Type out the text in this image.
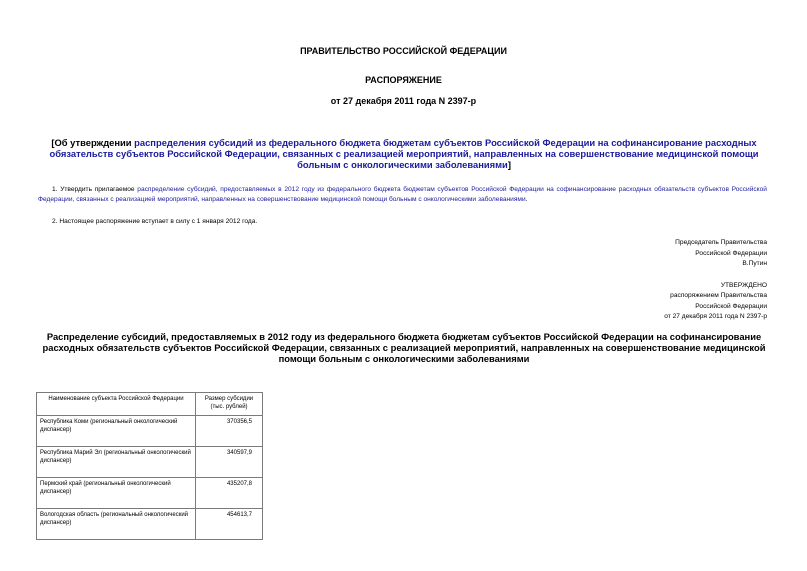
ПРАВИТЕЛЬСТВО РОССИЙСКОЙ ФЕДЕРАЦИИ
РАСПОРЯЖЕНИЕ
от 27 декабря 2011 года N 2397-р
[Об утверждении распределения субсидий из федерального бюджета бюджетам субъектов Российской Федерации на софинансирование расходных обязательств субъектов Российской Федерации, связанных с реализацией мероприятий, направленных на совершенствование медицинской помощи больным с онкологическими заболеваниями]
1. Утвердить прилагаемое распределение субсидий, предоставляемых в 2012 году из федерального бюджета бюджетам субъектов Российской Федерации на софинансирование расходных обязательств субъектов Российской Федерации, связанных с реализацией мероприятий, направленных на совершенствование медицинской помощи больным с онкологическими заболеваниями.
2. Настоящее распоряжение вступает в силу с 1 января 2012 года.
Председатель Правительства
Российской Федерации
В.Путин
УТВЕРЖДЕНО
распоряжением Правительства
Российской Федерации
от 27 декабря 2011 года N 2397-р
Распределение субсидий, предоставляемых в 2012 году из федерального бюджета бюджетам субъектов Российской Федерации на софинансирование расходных обязательств субъектов Российской Федерации, связанных с реализацией мероприятий, направленных на совершенствование медицинской помощи больным с онкологическими заболеваниями
Наименование субъекта Российской Федерации	Размер субсидии (тыс. рублей)
Республика Коми (региональный онкологический диспансер)	370356,5
Республика Марий Эл (региональный онкологический диспансер)	340597,9
Пермский край (региональный онкологический диспансер)	435207,8
Вологодская область (региональный онкологический диспансер)	454613,7
